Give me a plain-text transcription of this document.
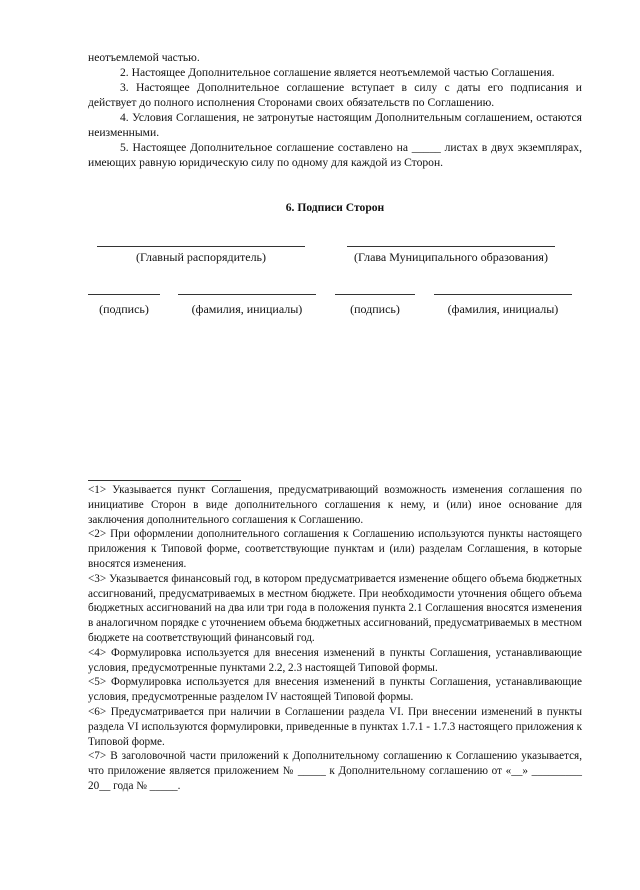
неотъемлемой частью.

2. Настоящее Дополнительное соглашение является неотъемлемой частью Соглашения.

3. Настоящее Дополнительное соглашение вступает в силу с даты его подписания и действует до полного исполнения Сторонами своих обязательств по Соглашению.

4. Условия Соглашения, не затронутые настоящим Дополнительным соглашением, остаются неизменными.

5. Настоящее Дополнительное соглашение составлено на _____ листах в двух экземплярах, имеющих равную юридическую силу по одному для каждой из Сторон.

6. Подписи Сторон
(Главный распорядитель)	(Глава Муниципального образования)
(подпись)	(фамилия, инициалы)	(подпись)	(фамилия, инициалы)

<1> Указывается пункт Соглашения, предусматривающий возможность изменения соглашения по инициативе Сторон в виде дополнительного соглашения к нему, и (или) иное основание для заключения дополнительного соглашения к Соглашению.

<2> При оформлении дополнительного соглашения к Соглашению используются пункты настоящего приложения к Типовой форме, соответствующие пунктам и (или) разделам Соглашения, в которые вносятся изменения.

<3> Указывается финансовый год, в котором предусматривается изменение общего объема бюджетных ассигнований, предусматриваемых в местном бюджете. При необходимости уточнения общего объема бюджетных ассигнований на два или три года в положения пункта 2.1 Соглашения вносятся изменения в аналогичном порядке с уточнением объема бюджетных ассигнований, предусматриваемых в местном бюджете на соответствующий финансовый год.

<4> Формулировка используется для внесения изменений в пункты Соглашения, устанавливающие условия, предусмотренные пунктами 2.2, 2.3 настоящей Типовой формы.

<5> Формулировка используется для внесения изменений в пункты Соглашения, устанавливающие условия, предусмотренные разделом IV настоящей Типовой формы.

<6> Предусматривается при наличии в Соглашении раздела VI. При внесении изменений в пункты раздела VI используются формулировки, приведенные в пунктах 1.7.1 - 1.7.3 настоящего приложения к Типовой форме.

<7> В заголовочной части приложений к Дополнительному соглашению к Соглашению указывается, что приложение является приложением № _____ к Дополнительному соглашению от «__» _________ 20__ года № _____.
